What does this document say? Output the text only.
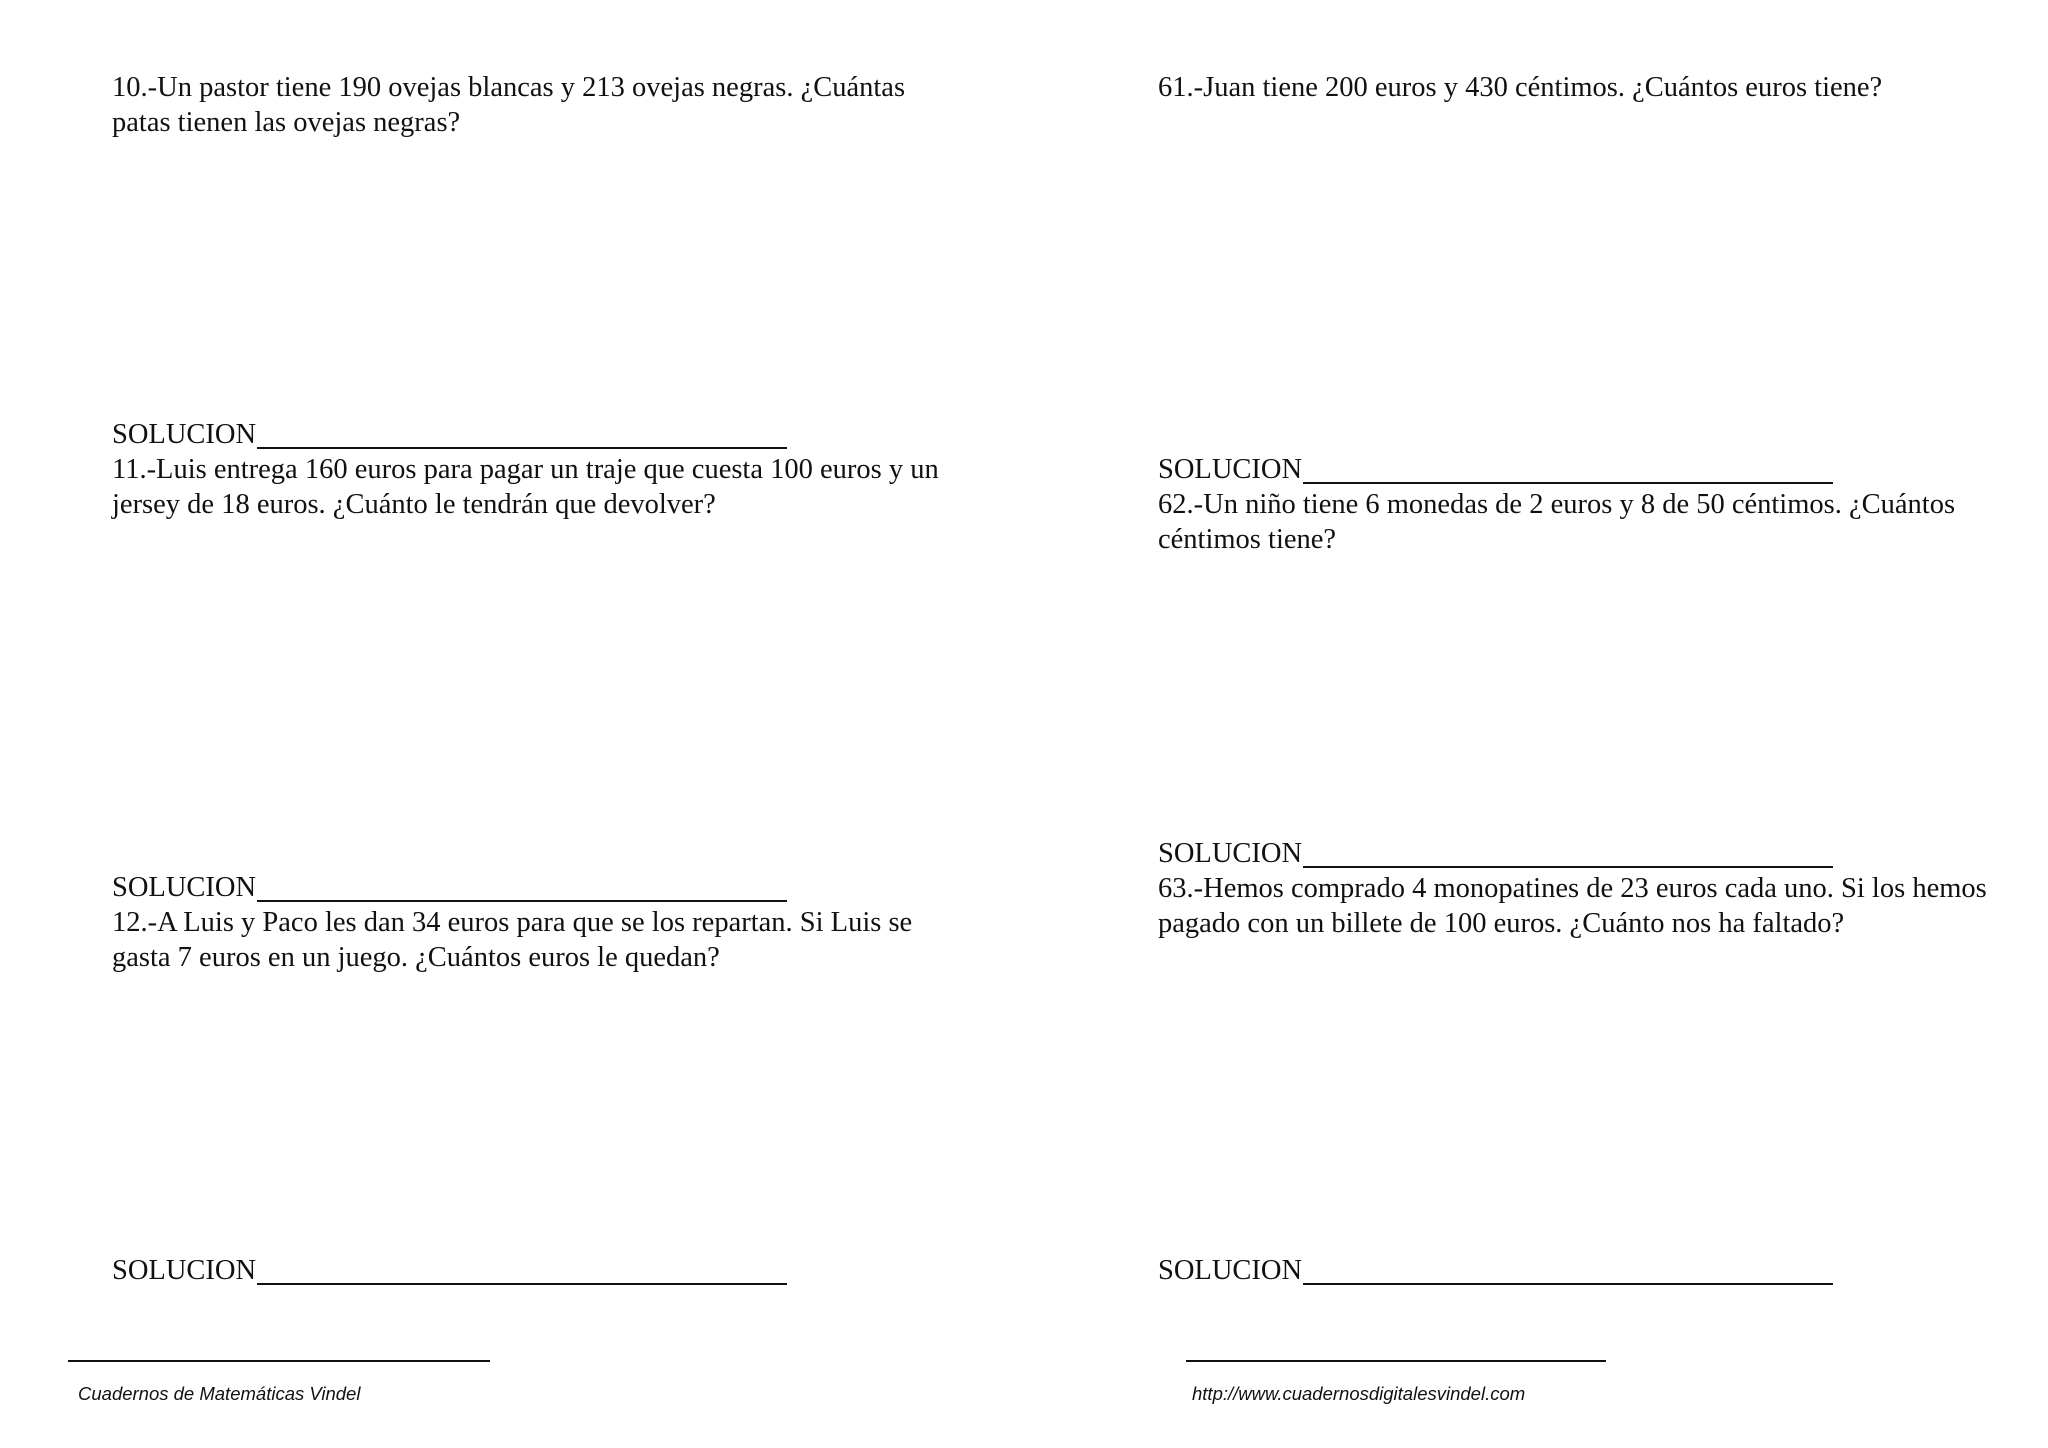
10.-Un pastor tiene 190 ovejas blancas y 213 ovejas negras. ¿Cuántas patas tienen las ovejas negras?

SOLUCION

11.-Luis entrega 160 euros para pagar un traje que cuesta 100 euros y un jersey de 18 euros. ¿Cuánto le tendrán que devolver?

SOLUCION

12.-A Luis y Paco les dan 34 euros para que se los repartan. Si Luis se gasta 7 euros en un juego. ¿Cuántos euros le quedan?

SOLUCION

61.-Juan tiene 200 euros y 430 céntimos. ¿Cuántos euros tiene?

SOLUCION

62.-Un niño tiene 6 monedas de 2 euros y 8 de 50 céntimos. ¿Cuántos céntimos tiene?

SOLUCION

63.-Hemos comprado 4 monopatines de 23 euros cada uno. Si los hemos pagado con un billete de 100 euros. ¿Cuánto nos ha faltado?

SOLUCION
Cuadernos de Matemáticas Vindel	http://www.cuadernosdigitalesvindel.com
